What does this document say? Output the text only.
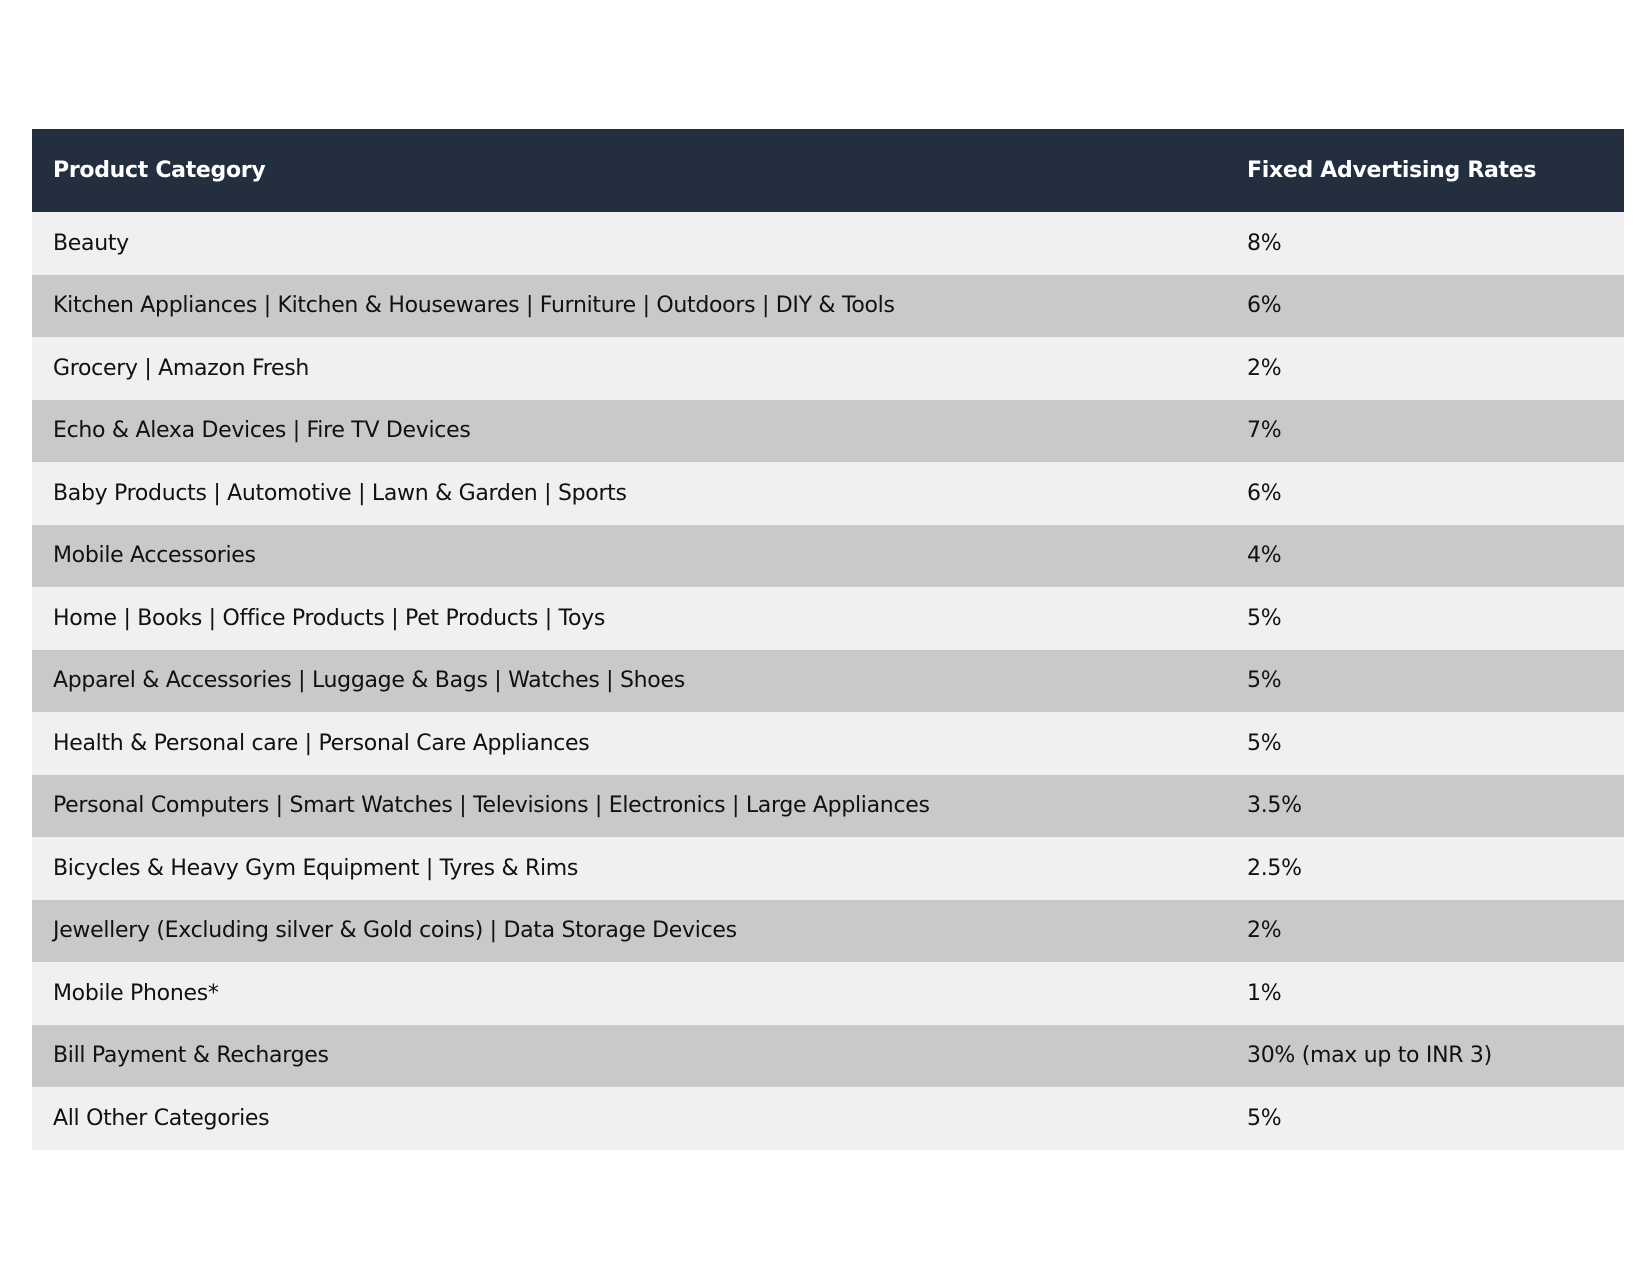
Product Category	Fixed Advertising Rates
Beauty	8%
Kitchen Appliances | Kitchen & Housewares | Furniture | Outdoors | DIY & Tools	6%
Grocery | Amazon Fresh	2%
Echo & Alexa Devices | Fire TV Devices	7%
Baby Products | Automotive | Lawn & Garden | Sports	6%
Mobile Accessories	4%
Home | Books | Office Products | Pet Products | Toys	5%
Apparel & Accessories | Luggage & Bags | Watches | Shoes	5%
Health & Personal care | Personal Care Appliances	5%
Personal Computers | Smart Watches | Televisions | Electronics | Large Appliances	3.5%
Bicycles & Heavy Gym Equipment | Tyres & Rims	2.5%
Jewellery (Excluding silver & Gold coins) | Data Storage Devices	2%
Mobile Phones*	1%
Bill Payment & Recharges	30% (max up to INR 3)
All Other Categories	5%
